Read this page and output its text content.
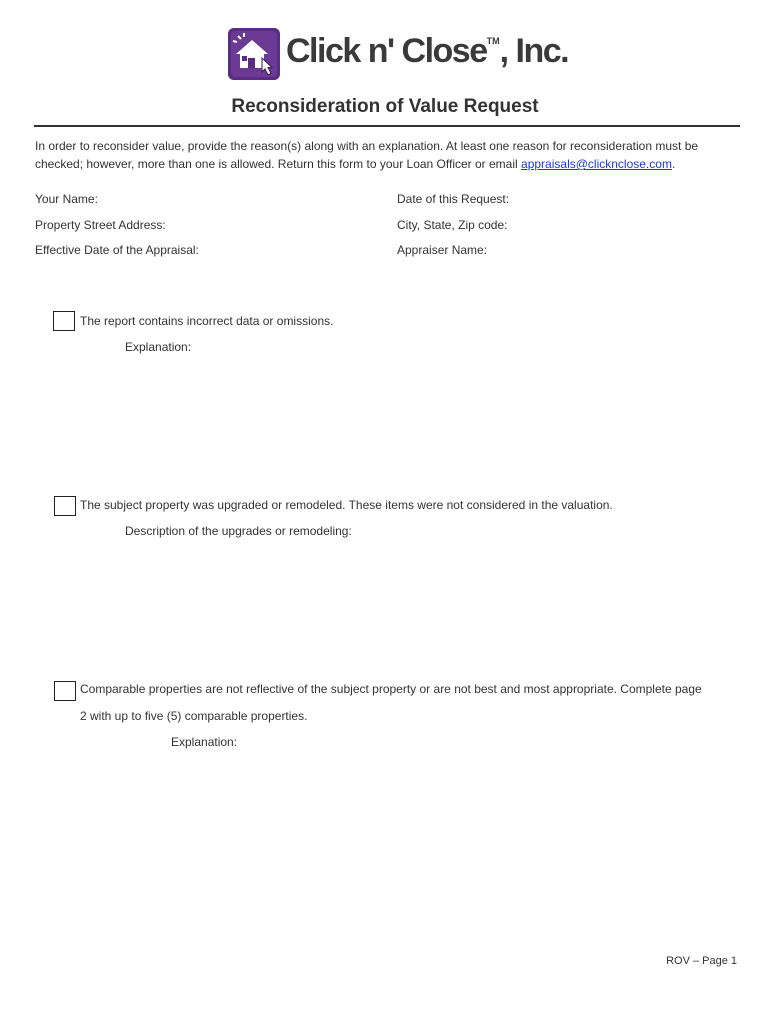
Click n' Close™, Inc.
Reconsideration of Value Request
In order to reconsider value, provide the reason(s) along with an explanation. At least one reason for reconsideration must be checked; however, more than one is allowed. Return this form to your Loan Officer or email appraisals@clicknclose.com.
Your Name:	Date of this Request:
Property Street Address:	City, State, Zip code:
Effective Date of the Appraisal:	Appraiser Name:
The report contains incorrect data or omissions.
Explanation:
The subject property was upgraded or remodeled. These items were not considered in the valuation.
Description of the upgrades or remodeling:
Comparable properties are not reflective of the subject property or are not best and most appropriate. Complete page
2 with up to five (5) comparable properties.
Explanation:
ROV – Page 1
